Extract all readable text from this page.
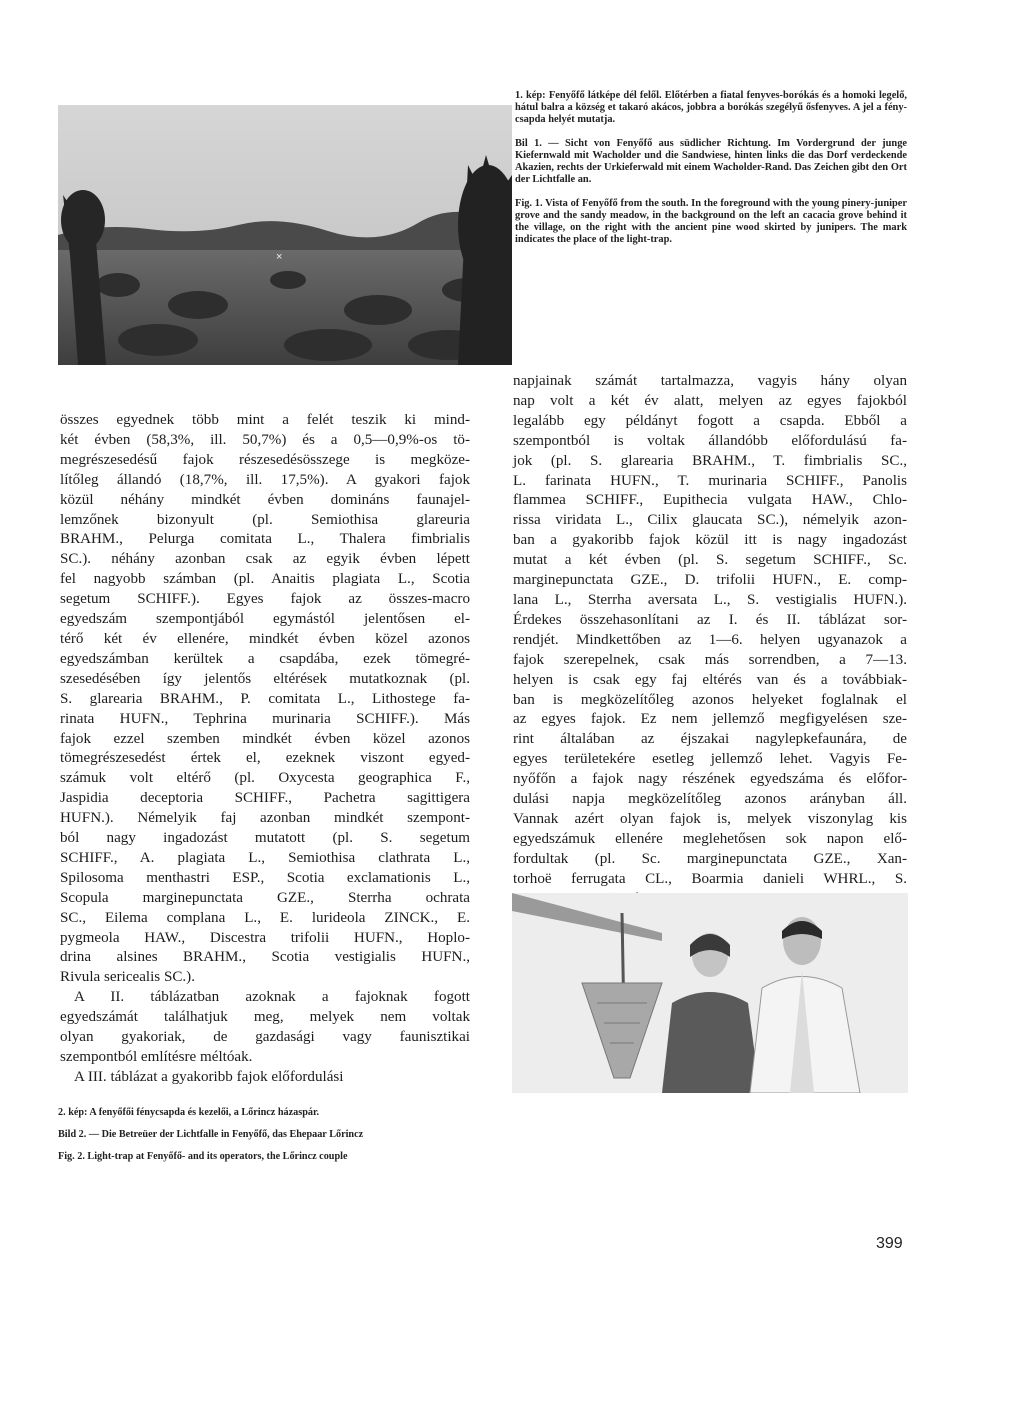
×

1. kép: Fenyőfő látképe dél felől. Előtérben a fiatal fenyves-borókás és a homoki legelő, hátul balra a község et takaró akácos, jobbra a borókás szegélyű ősfenyves. A jel a fény-csapda helyét mutatja.

Bil 1. — Sicht von Fenyőfő aus südlicher Richtung. Im Vordergrund der junge Kiefernwald mit Wacholder und die Sandwiese, hinten links die das Dorf verdeckende Akazien, rechts der Urkieferwald mit einem Wacholder-Rand. Das Zeichen gibt den Ort der Lichtfalle an.

Fig. 1. Vista of Fenyőfő from the south. In the foreground with the young pinery-juniper grove and the sandy meadow, in the background on the left an cacacia grove behind it the village, on the right with the ancient pine wood skirted by junipers. The mark indicates the place of the light-trap.

összes egyednek több mint a felét teszik ki mind-
két évben (58,3%, ill. 50,7%) és a 0,5—0,9%-os tö-
megrészesedésű fajok részesedésösszege is megköze-
lítőleg állandó (18,7%, ill. 17,5%). A gyakori fajok
közül néhány mindkét évben domináns faunajel-
lemzőnek bizonyult (pl. Semiothisa glareuria
BRAHM., Pelurga comitata L., Thalera fimbrialis
SC.). néhány azonban csak az egyik évben lépett
fel nagyobb számban (pl. Anaitis plagiata L., Scotia
segetum SCHIFF.). Egyes fajok az összes-macro
egyedszám szempontjából egymástól jelentősen el-
térő két év ellenére, mindkét évben közel azonos
egyedszámban kerültek a csapdába, ezek tömegré-
szesedésében így jelentős eltérések mutatkoznak (pl.
S. glarearia BRAHM., P. comitata L., Lithostege fa-
rinata HUFN., Tephrina murinaria SCHIFF.). Más
fajok ezzel szemben mindkét évben közel azonos
tömegrészesedést értek el, ezeknek viszont egyed-
számuk volt eltérő (pl. Oxycesta geographica F.,
Jaspidia deceptoria SCHIFF., Pachetra sagittigera
HUFN.). Némelyik faj azonban mindkét szempont-
ból nagy ingadozást mutatott (pl. S. segetum
SCHIFF., A. plagiata L., Semiothisa clathrata L.,
Spilosoma menthastri ESP., Scotia exclamationis L.,
Scopula marginepunctata GZE., Sterrha ochrata
SC., Eilema complana L., E. lurideola ZINCK., E.
pygmeola HAW., Discestra trifolii HUFN., Hoplo-
drina alsines BRAHM., Scotia vestigialis HUFN.,
Rivula sericealis SC.).
A II. táblázatban azoknak a fajoknak fogott
egyedszámát találhatjuk meg, melyek nem voltak
olyan gyakoriak, de gazdasági vagy faunisztikai
szempontból említésre méltóak.
A III. táblázat a gyakoribb fajok előfordulási
napjainak számát tartalmazza, vagyis hány olyan
nap volt a két év alatt, melyen az egyes fajokból
legalább egy példányt fogott a csapda. Ebből a
szempontból is voltak állandóbb előfordulású fa-
jok (pl. S. glarearia BRAHM., T. fimbrialis SC.,
L. farinata HUFN., T. murinaria SCHIFF., Panolis
flammea SCHIFF., Eupithecia vulgata HAW., Chlo-
rissa viridata L., Cilix glaucata SC.), némelyik azon-
ban a gyakoribb fajok közül itt is nagy ingadozást
mutat a két évben (pl. S. segetum SCHIFF., Sc.
marginepunctata GZE., D. trifolii HUFN., E. comp-
lana L., Sterrha aversata L., S. vestigialis HUFN.).
Érdekes összehasonlítani az I. és II. táblázat sor-
rendjét. Mindkettőben az 1—6. helyen ugyanazok a
fajok szerepelnek, csak más sorrendben, a 7—13.
helyen is csak egy faj eltérés van és a továbbiak-
ban is megközelítőleg azonos helyeket foglalnak el
az egyes fajok. Ez nem jellemző megfigyelésen sze-
rint általában az éjszakai nagylepkefaunára, de
egyes területekére esetleg jellemző lehet. Vagyis Fe-
nyőfőn a fajok nagy részének egyedszáma és előfor-
dulási napja megközelítőleg azonos arányban áll.
Vannak azért olyan fajok is, melyek viszonylag kis
egyedszámuk ellenére meglehetősen sok napon elő-
fordultak (pl. Sc. marginepunctata GZE., Xan-
torhoë ferrugata CL., Boarmia danieli WHRL., S.

2. kép: A fenyőfői fénycsapda és kezelői, a Lőrincz házaspár.

Bild 2. — Die Betreüer der Lichtfalle in Fenyőfő, das Ehepaar Lőrincz

Fig. 2. Light-trap at Fenyőfő- and its operators, the Lőrincz couple

399
